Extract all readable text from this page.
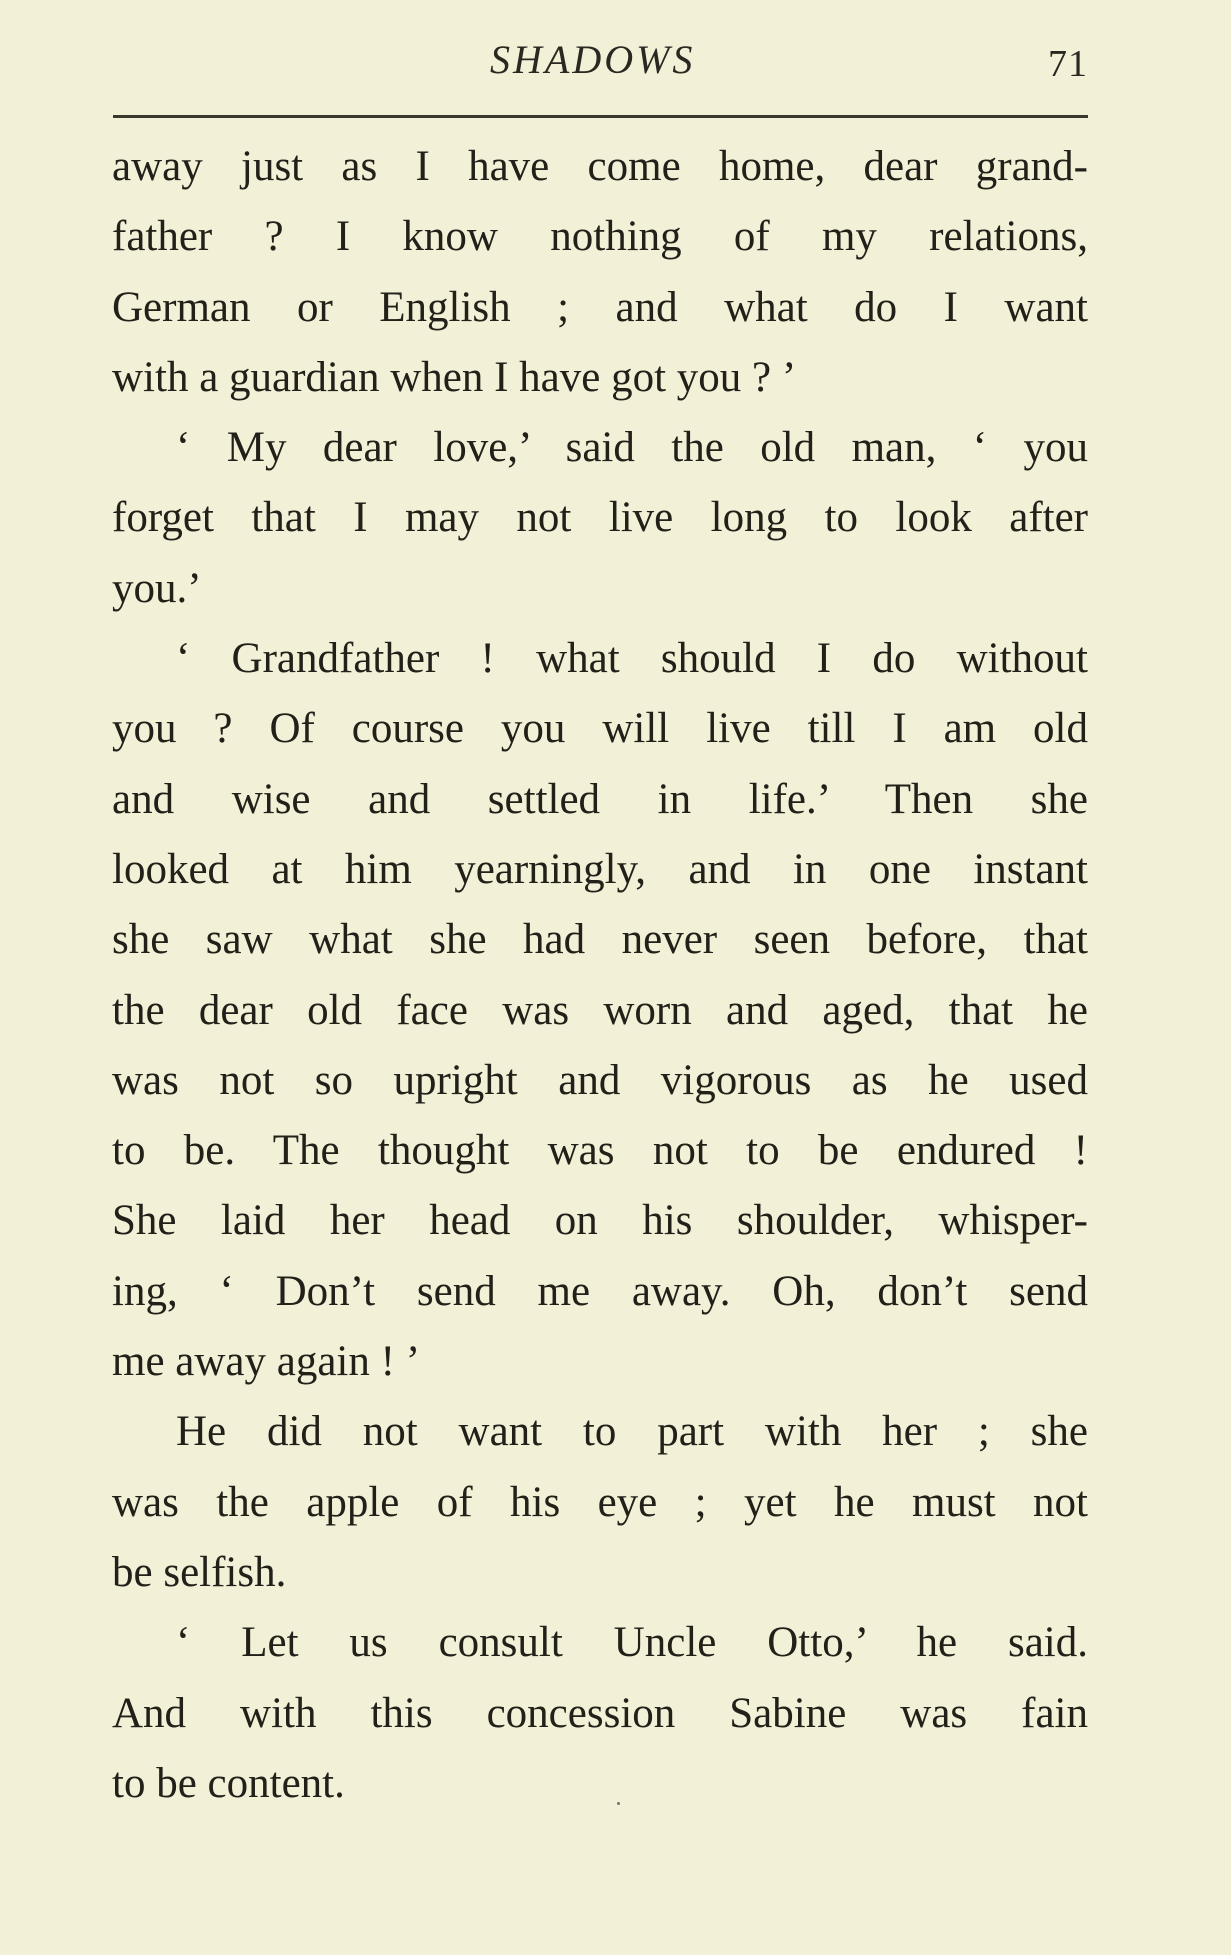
SHADOWS	71
away just as I have come home, dear grand-
father ? I know nothing of my relations,
German or English ; and what do I want
with a guardian when I have got you ? ’
‘ My dear love,’ said the old man, ‘ you
forget that I may not live long to look after
you.’
‘ Grandfather ! what should I do without
you ? Of course you will live till I am old
and wise and settled in life.’ Then she
looked at him yearningly, and in one instant
she saw what she had never seen before, that
the dear old face was worn and aged, that he
was not so upright and vigorous as he used
to be. The thought was not to be endured !
She laid her head on his shoulder, whisper-
ing, ‘ Don’t send me away. Oh, don’t send
me away again ! ’
He did not want to part with her ; she
was the apple of his eye ; yet he must not
be selfish.
‘ Let us consult Uncle Otto,’ he said.
And with this concession Sabine was fain
to be content.
